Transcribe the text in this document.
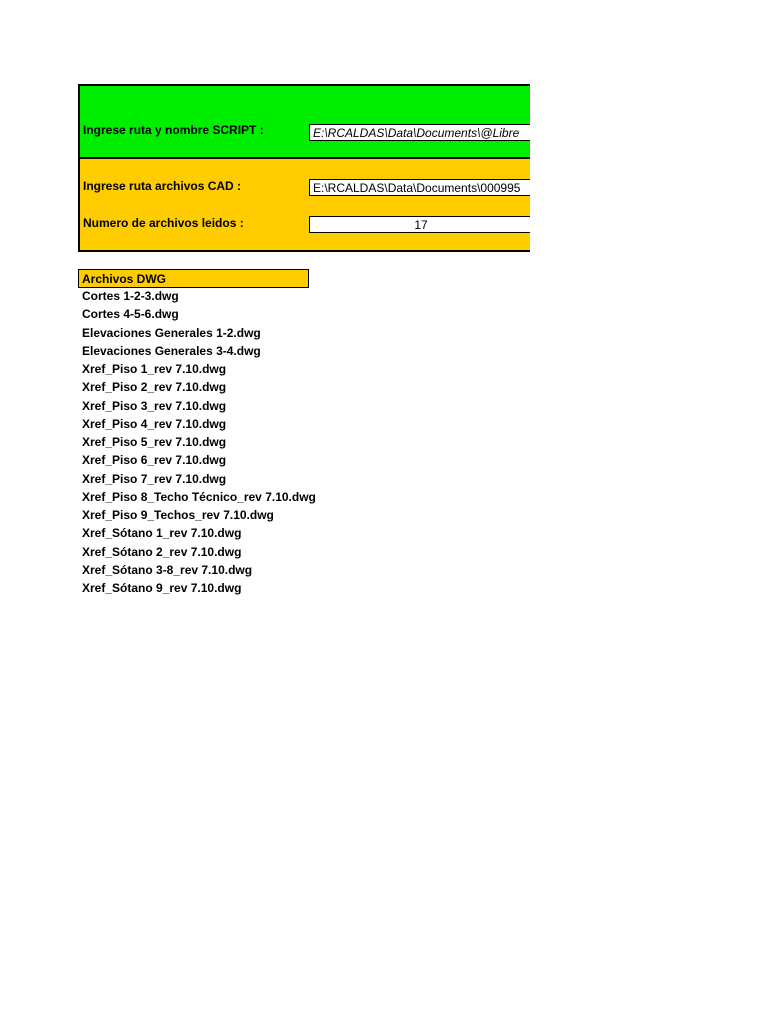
Ingrese ruta y nombre SCRIPT :	E:\RCALDAS\Data\Documents\@Libre
Ingrese ruta archivos CAD :	E:\RCALDAS\Data\Documents\000995
Numero de archivos leidos :	17
Archivos DWG
Cortes 1-2-3.dwg
Cortes 4-5-6.dwg
Elevaciones Generales 1-2.dwg
Elevaciones Generales 3-4.dwg
Xref_Piso 1_rev 7.10.dwg
Xref_Piso 2_rev 7.10.dwg
Xref_Piso 3_rev 7.10.dwg
Xref_Piso 4_rev 7.10.dwg
Xref_Piso 5_rev 7.10.dwg
Xref_Piso 6_rev 7.10.dwg
Xref_Piso 7_rev 7.10.dwg
Xref_Piso 8_Techo Técnico_rev 7.10.dwg
Xref_Piso 9_Techos_rev 7.10.dwg
Xref_Sótano 1_rev 7.10.dwg
Xref_Sótano 2_rev 7.10.dwg
Xref_Sótano 3-8_rev 7.10.dwg
Xref_Sótano 9_rev 7.10.dwg
